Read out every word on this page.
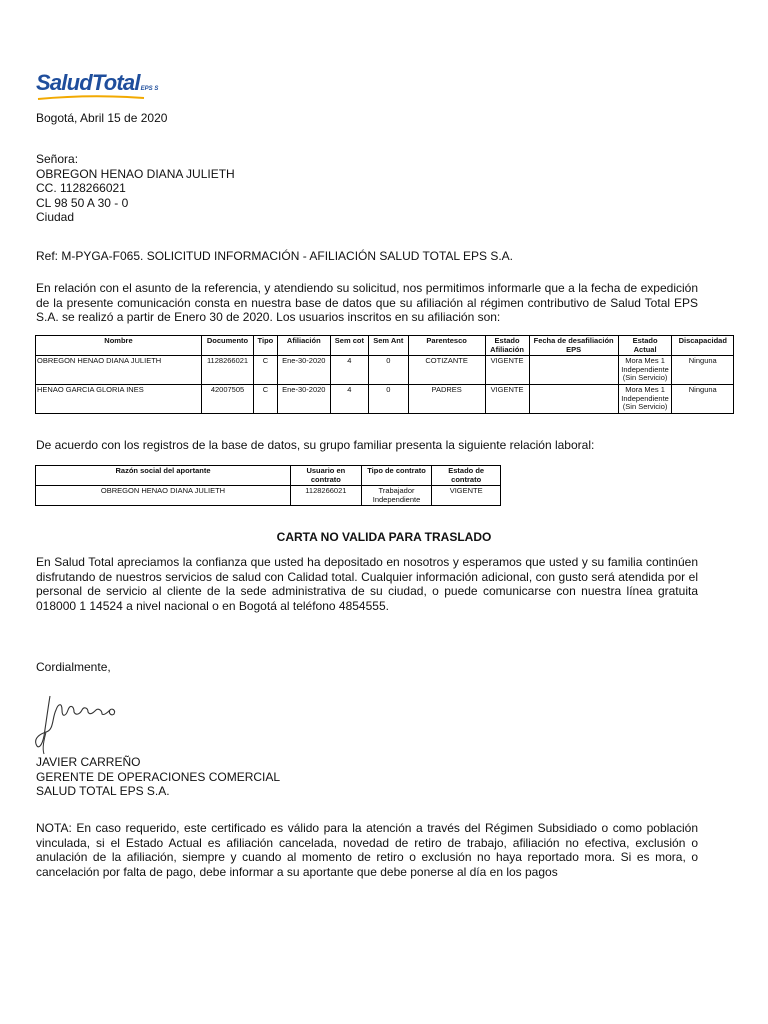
SaludTotalEPS S
Bogotá, Abril 15 de 2020
Señora:
OBREGON HENAO DIANA JULIETH
CC. 1128266021
CL 98 50 A 30 - 0
Ciudad
Ref: M-PYGA-F065. SOLICITUD INFORMACIÓN - AFILIACIÓN SALUD TOTAL EPS S.A.
En relación con el asunto de la referencia, y atendiendo su solicitud, nos permitimos informarle que a la fecha de expedición de la presente comunicación consta en nuestra base de datos que su afiliación al régimen contributivo de Salud Total EPS S.A. se realizó a partir de Enero 30 de 2020. Los usuarios inscritos en su afiliación son:
Nombre	Documento	Tipo	Afiliación	Sem cot	Sem Ant	Parentesco	Estado Afiliación	Fecha de desafiliación EPS	Estado Actual	Discapacidad
OBREGON HENAO DIANA JULIETH	1128266021	C	Ene-30-2020	4	0	COTIZANTE	VIGENTE		Mora Mes 1 Independiente (Sin Servicio)	Ninguna
HENAO GARCIA GLORIA INES	42007505	C	Ene-30-2020	4	0	PADRES	VIGENTE		Mora Mes 1 Independiente (Sin Servicio)	Ninguna
De acuerdo con los registros de la base de datos, su grupo familiar presenta la siguiente relación laboral:
Razón social del aportante	Usuario en contrato	Tipo de contrato	Estado de contrato
OBREGON HENAO DIANA JULIETH	1128266021	Trabajador Independiente	VIGENTE
CARTA NO VALIDA PARA TRASLADO
En Salud Total apreciamos la confianza que usted ha depositado en nosotros y esperamos que usted y su familia continúen disfrutando de nuestros servicios de salud con Calidad total. Cualquier información adicional, con gusto será atendida por el personal de servicio al cliente de la sede administrativa de su ciudad, o puede comunicarse con nuestra línea gratuita 018000 1 14524 a nivel nacional o en Bogotá al teléfono 4854555.
Cordialmente,
JAVIER CARREÑO
GERENTE DE OPERACIONES COMERCIAL
SALUD TOTAL EPS S.A.
NOTA: En caso requerido, este certificado es válido para la atención a través del Régimen Subsidiado o como población vinculada, si el Estado Actual es afiliación cancelada, novedad de retiro de trabajo, afiliación no efectiva, exclusión o anulación de la afiliación, siempre y cuando al momento de retiro o exclusión no haya reportado mora. Si es mora, o cancelación por falta de pago, debe informar a su aportante que debe ponerse al día en los pagos
